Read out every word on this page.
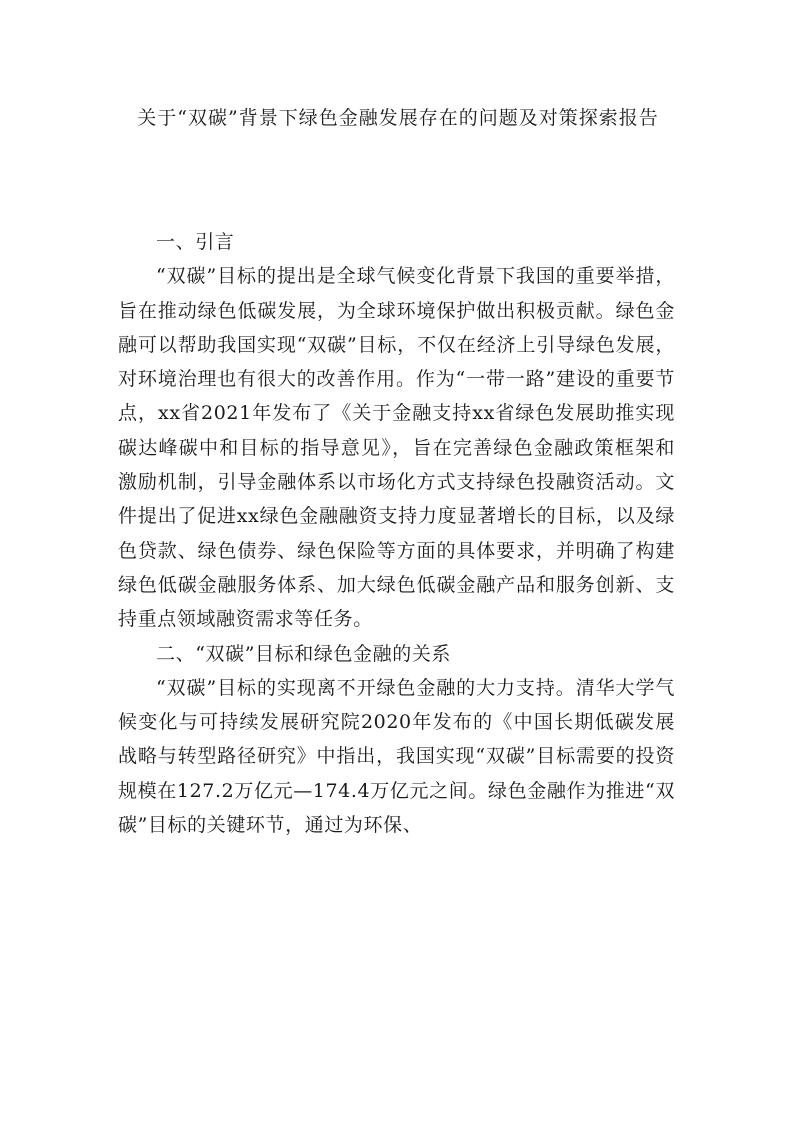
关于“双碳”背景下绿色金融发展存在的问题及对策探索报告

一、引言

“双碳”目标的提出是全球气候变化背景下我国的重要举措，旨在推动绿色低碳发展，为全球环境保护做出积极贡献。绿色金融可以帮助我国实现“双碳”目标，不仅在经济上引导绿色发展，对环境治理也有很大的改善作用。作为“一带一路”建设的重要节点，xx省2021年发布了《关于金融支持xx省绿色发展助推实现碳达峰碳中和目标的指导意见》，旨在完善绿色金融政策框架和激励机制，引导金融体系以市场化方式支持绿色投融资活动。文件提出了促进xx绿色金融融资支持力度显著增长的目标，以及绿色贷款、绿色债券、绿色保险等方面的具体要求，并明确了构建绿色低碳金融服务体系、加大绿色低碳金融产品和服务创新、支持重点领域融资需求等任务。

二、“双碳”目标和绿色金融的关系

“双碳”目标的实现离不开绿色金融的大力支持。清华大学气候变化与可持续发展研究院2020年发布的《中国长期低碳发展战略与转型路径研究》中指出，我国实现“双碳”目标需要的投资规模在127.2万亿元—174.4万亿元之间。绿色金融作为推进“双碳”目标的关键环节，通过为环保、
